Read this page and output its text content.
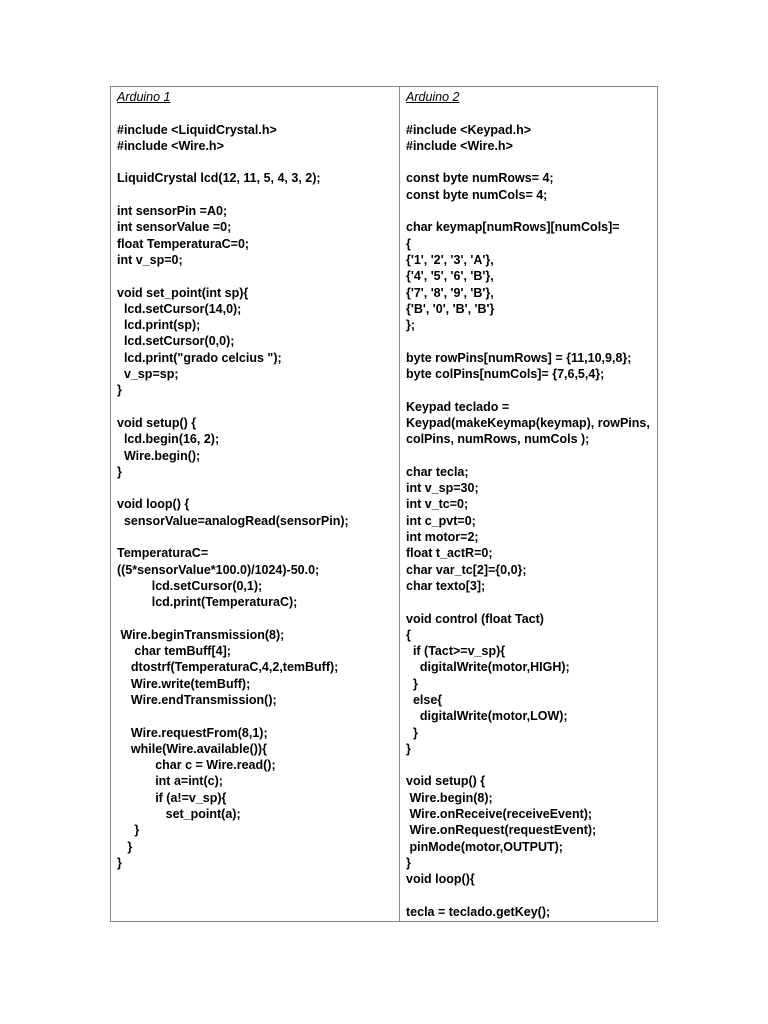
Arduino 1
#include <LiquidCrystal.h>
#include <Wire.h>
LiquidCrystal lcd(12, 11, 5, 4, 3, 2);
int sensorPin =A0;
int sensorValue =0;
float TemperaturaC=0;
int v_sp=0;
void set_point(int sp){
lcd.setCursor(14,0);
lcd.print(sp);
lcd.setCursor(0,0);
lcd.print("grado celcius ");
v_sp=sp;
}
void setup() {
lcd.begin(16, 2);
Wire.begin();
}
void loop() {
sensorValue=analogRead(sensorPin);
TemperaturaC=((5*sensorValue*100.0)/1024)-50.0;
lcd.setCursor(0,1);
lcd.print(TemperaturaC);
Wire.beginTransmission(8);
char temBuff[4];
dtostrf(TemperaturaC,4,2,temBuff);
Wire.write(temBuff);
Wire.endTransmission();
Wire.requestFrom(8,1);
while(Wire.available()){
char c = Wire.read();
int a=int(c);
if (a!=v_sp){
set_point(a);
}
}
}
Arduino 2
#include <Keypad.h>
#include <Wire.h>
const byte numRows= 4;
const byte numCols= 4;
char keymap[numRows][numCols]=
{
{'1', '2', '3', 'A'},
{'4', '5', '6', 'B'},
{'7', '8', '9', 'B'},
{'B', '0', 'B', 'B'}
};
byte rowPins[numRows] = {11,10,9,8};
byte colPins[numCols]= {7,6,5,4};
Keypad teclado =
Keypad(makeKeymap(keymap), rowPins,
colPins, numRows, numCols );
char tecla;
int v_sp=30;
int v_tc=0;
int c_pvt=0;
int motor=2;
float t_actR=0;
char var_tc[2]={0,0};
char texto[3];
void control (float Tact)
{
if (Tact>=v_sp){
digitalWrite(motor,HIGH);
}
else{
digitalWrite(motor,LOW);
}
}
void setup() {
Wire.begin(8);
Wire.onReceive(receiveEvent);
Wire.onRequest(requestEvent);
pinMode(motor,OUTPUT);
}
void loop(){
tecla = teclado.getKey();
